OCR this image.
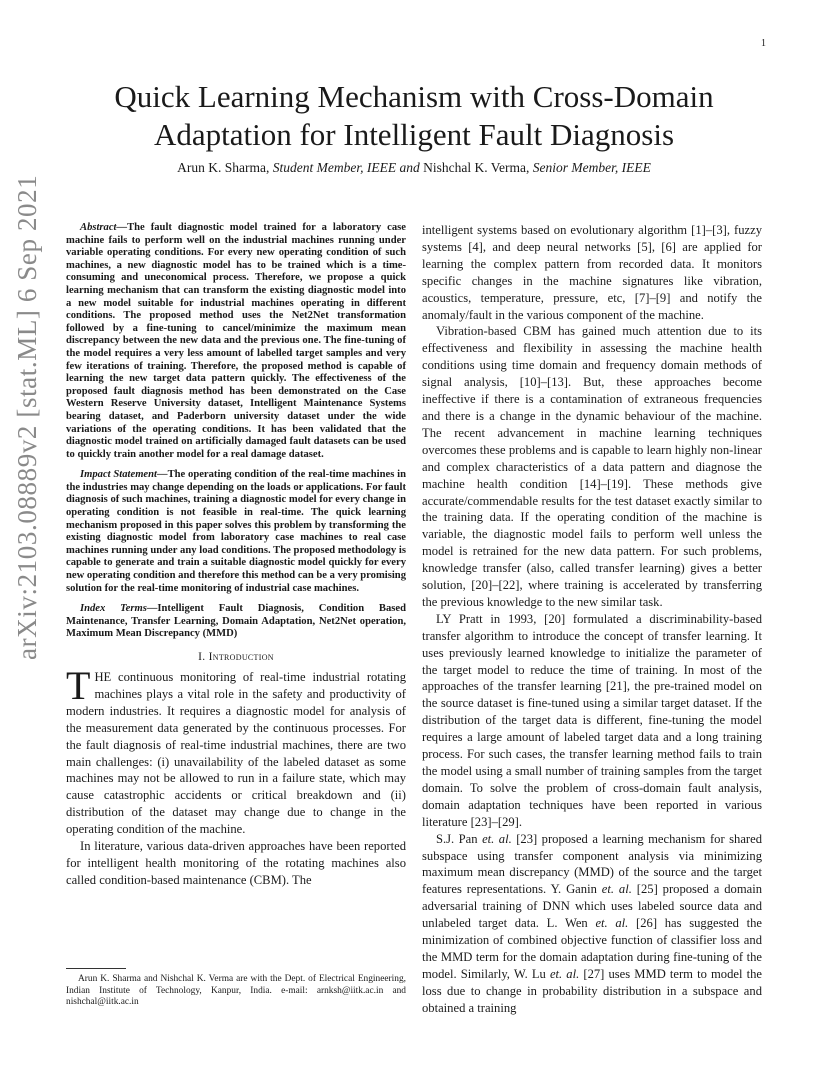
1
arXiv:2103.08889v2 [stat.ML] 6 Sep 2021
Quick Learning Mechanism with Cross-Domain
Adaptation for Intelligent Fault Diagnosis
Arun K. Sharma, Student Member, IEEE and Nishchal K. Verma, Senior Member, IEEE

Abstract—The fault diagnostic model trained for a laboratory case machine fails to perform well on the industrial machines running under variable operating conditions. For every new operating condition of such machines, a new diagnostic model has to be trained which is a time-consuming and uneconomical process. Therefore, we propose a quick learning mechanism that can transform the existing diagnostic model into a new model suitable for industrial machines operating in different conditions. The proposed method uses the Net2Net transformation followed by a fine-tuning to cancel/minimize the maximum mean discrepancy between the new data and the previous one. The fine-tuning of the model requires a very less amount of labelled target samples and very few iterations of training. Therefore, the proposed method is capable of learning the new target data pattern quickly. The effectiveness of the proposed fault diagnosis method has been demonstrated on the Case Western Reserve University dataset, Intelligent Maintenance Systems bearing dataset, and Paderborn university dataset under the wide variations of the operating conditions. It has been validated that the diagnostic model trained on artificially damaged fault datasets can be used to quickly train another model for a real damage dataset.

Impact Statement—The operating condition of the real-time machines in the industries may change depending on the loads or applications. For fault diagnosis of such machines, training a diagnostic model for every change in operating condition is not feasible in real-time. The quick learning mechanism proposed in this paper solves this problem by transforming the existing diagnostic model from laboratory case machines to real case machines running under any load conditions. The proposed methodology is capable to generate and train a suitable diagnostic model quickly for every new operating condition and therefore this method can be a very promising solution for the real-time monitoring of industrial case machines.

Index Terms—Intelligent Fault Diagnosis, Condition Based Maintenance, Transfer Learning, Domain Adaptation, Net2Net operation, Maximum Mean Discrepancy (MMD)

I. Introduction

THE continuous monitoring of real-time industrial rotating machines plays a vital role in the safety and productivity of modern industries. It requires a diagnostic model for analysis of the measurement data generated by the continuous processes. For the fault diagnosis of real-time industrial machines, there are two main challenges: (i) unavailability of the labeled dataset as some machines may not be allowed to run in a failure state, which may cause catastrophic accidents or critical breakdown and (ii) distribution of the dataset may change due to change in the operating condition of the machine.

In literature, various data-driven approaches have been reported for intelligent health monitoring of the rotating machines also called condition-based maintenance (CBM). The

Arun K. Sharma and Nishchal K. Verma are with the Dept. of Electrical Engineering, Indian Institute of Technology, Kanpur, India. e-mail: arnksh@iitk.ac.in and nishchal@iitk.ac.in

intelligent systems based on evolutionary algorithm [1]–[3], fuzzy systems [4], and deep neural networks [5], [6] are applied for learning the complex pattern from recorded data. It monitors specific changes in the machine signatures like vibration, acoustics, temperature, pressure, etc, [7]–[9] and notify the anomaly/fault in the various component of the machine.

Vibration-based CBM has gained much attention due to its effectiveness and flexibility in assessing the machine health conditions using time domain and frequency domain methods of signal analysis, [10]–[13]. But, these approaches become ineffective if there is a contamination of extraneous frequencies and there is a change in the dynamic behaviour of the machine. The recent advancement in machine learning techniques overcomes these problems and is capable to learn highly non-linear and complex characteristics of a data pattern and diagnose the machine health condition [14]–[19]. These methods give accurate/commendable results for the test dataset exactly similar to the training data. If the operating condition of the machine is variable, the diagnostic model fails to perform well unless the model is retrained for the new data pattern. For such problems, knowledge transfer (also, called transfer learning) gives a better solution, [20]–[22], where training is accelerated by transferring the previous knowledge to the new similar task.

LY Pratt in 1993, [20] formulated a discriminability-based transfer algorithm to introduce the concept of transfer learning. It uses previously learned knowledge to initialize the parameter of the target model to reduce the time of training. In most of the approaches of the transfer learning [21], the pre-trained model on the source dataset is fine-tuned using a similar target dataset. If the distribution of the target data is different, fine-tuning the model requires a large amount of labeled target data and a long training process. For such cases, the transfer learning method fails to train the model using a small number of training samples from the target domain. To solve the problem of cross-domain fault analysis, domain adaptation techniques have been reported in various literature [23]–[29].

S.J. Pan et. al. [23] proposed a learning mechanism for shared subspace using transfer component analysis via minimizing maximum mean discrepancy (MMD) of the source and the target features representations. Y. Ganin et. al. [25] proposed a domain adversarial training of DNN which uses labeled source data and unlabeled target data. L. Wen et. al. [26] has suggested the minimization of combined objective function of classifier loss and the MMD term for the domain adaptation during fine-tuning of the model. Similarly, W. Lu et. al. [27] uses MMD term to model the loss due to change in probability distribution in a subspace and obtained a training
